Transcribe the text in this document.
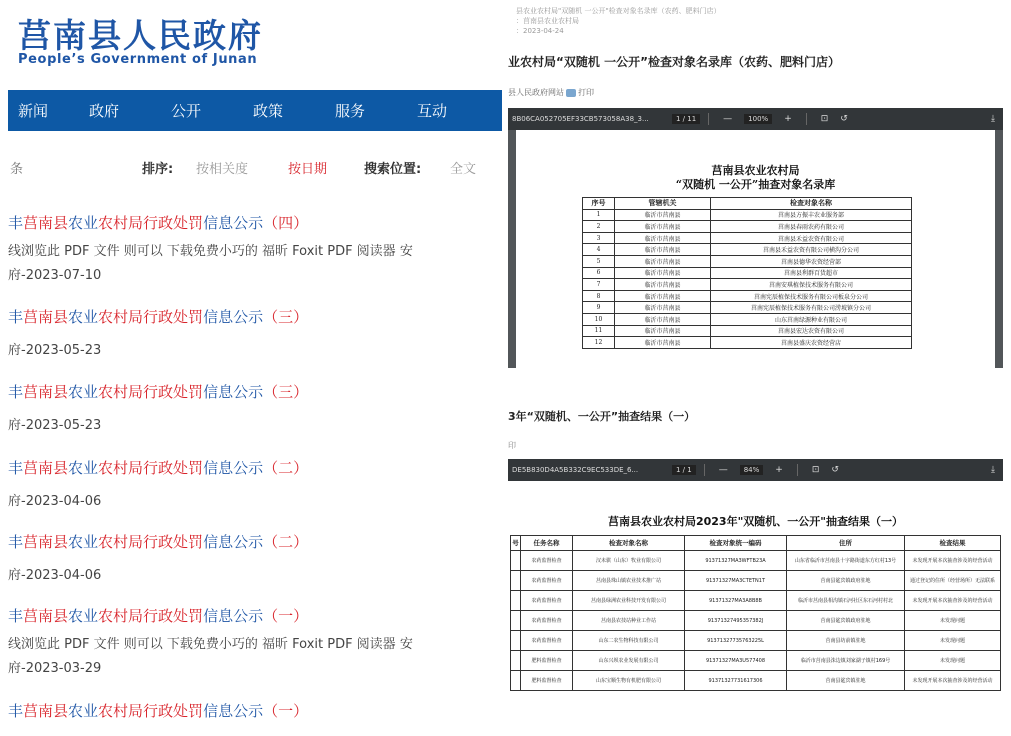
莒南县人民政府
People’s Government of Junan
新闻	政府	公开	政策	服务	互动
条	排序: 按相关度	按日期	搜索位置: 全文
丰莒南县农业农村局行政处罚信息公示（四）
线浏览此 PDF 文件 则可以 下载免费小巧的 福昕 Foxit PDF 阅读器 安
府-2023-07-10
丰莒南县农业农村局行政处罚信息公示（三）
府-2023-05-23
丰莒南县农业农村局行政处罚信息公示（三）
府-2023-05-23
丰莒南县农业农村局行政处罚信息公示（二）
府-2023-04-06
丰莒南县农业农村局行政处罚信息公示（二）
府-2023-04-06
丰莒南县农业农村局行政处罚信息公示（一）
线浏览此 PDF 文件 则可以 下载免费小巧的 福昕 Foxit PDF 阅读器 安
府-2023-03-29
丰莒南县农业农村局行政处罚信息公示（一）
县农业农村局"双随机 一公开"检查对象名录库（农药、肥料门店）
：莒南县农业农村局
：2023-04-24
业农村局“双随机 一公开”检查对象名录库（农药、肥料门店）
县人民政府网站 打印
8B06CA052705EF33CB573058A38_3...	1 / 11	—	100%	+	⊡ ↺	⤓
莒南县农业农村局
“双随机 一公开”抽查对象名录库
序号	管辖机关	检查对象名称
1	临沂市莒南县	莒南县方振丰农业服务部
2	临沂市莒南县	莒南县春雨农药有限公司
3	临沂市莒南县	莒南县禾益农资有限公司
4	临沂市莒南县	莒南县禾益农资有限公司横沟分公司
5	临沂市莒南县	莒南县德华农资经营部
6	临沂市莒南县	莒南县利群百货超市
7	临沂市莒南县	莒南安琪植保技术服务有限公司
8	临沂市莒南县	莒南宪辰植保技术服务有限公司板泉分公司
9	临沂市莒南县	莒南宪辰植保技术服务有限公司涝坡镇分公司
10	临沂市莒南县	山东莒南绿源种业有限公司
11	临沂市莒南县	莒南县宏达农资有限公司
12	临沂市莒南县	莒南县盛庆农资经营店
3年“双随机、一公开”抽查结果（一）
印
DE5B830D4A5B332C9EC533DE_6...	1 / 1	—	84%	+	⊡ ↺	⤓
莒南县农业农村局2023年"双随机、一公开"抽查结果（一）
号	任务名称	检查对象名称	检查对象统一编码	住所	检查结果
	农药监督检查	汉未骐（山东）牧业有限公司	91371327MA3WFTB23A	山东省临沂市莒南县十字路街道东方红村13号	未发现开展本次抽查涉及的经营活动
	农药监督检查	莒南县珠山镇农业技术推广站	91371327MA3CTETN1T	莒南县筵宾镇政府驻地	通过登记的住所（经营场所）无法联系
	农药监督检查	莒南县绿洲农业科技开发有限公司	91371327MA3A8B8B	临沂市莒南县相沟镇石河社区东石河村村北	未发现开展本次抽查涉及的经营活动
	农药监督检查	莒南县农技站种业工作站	91371327495357382J	莒南县筵宾镇政府驻地	未发现问题
	农药监督检查	山东二农生物科技有限公司	91371327735763225L	莒南县坊前镇驻地	未发现问题
	肥料监督检查	山东兴坝农业发展有限公司	91371327MA3U577408	临沂市莒南县洙边镇刘家湖子镇村169号	未发现问题
	肥料监督检查	山东宝顺生物有机肥有限公司	91371327731617306	莒南县筵宾镇驻地	未发现开展本次抽查涉及的经营活动
